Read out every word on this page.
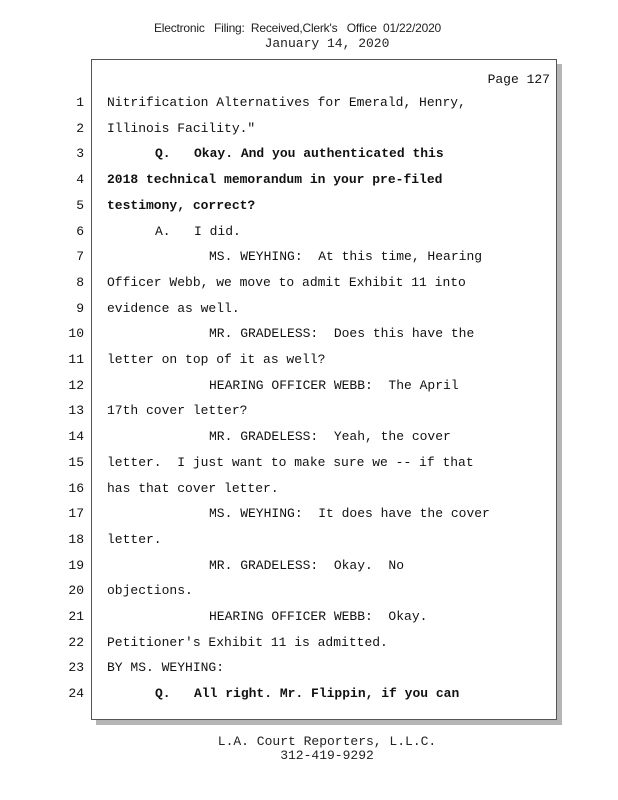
Electronic   Filing:  Received,Clerk's   Office  01/22/2020
January 14, 2020
Page 127
1 Nitrification Alternatives for Emerald, Henry,
2 Illinois Facility."
3	Q.   Okay. And you authenticated this
4 2018 technical memorandum in your pre-filed
5 testimony, correct?
6	A.   I did.
7	MS. WEYHING:  At this time, Hearing
8 Officer Webb, we move to admit Exhibit 11 into
9 evidence as well.
10	MR. GRADELESS:  Does this have the
11 letter on top of it as well?
12	HEARING OFFICER WEBB:  The April
13 17th cover letter?
14	MR. GRADELESS:  Yeah, the cover
15 letter.  I just want to make sure we -- if that
16 has that cover letter.
17	MS. WEYHING:  It does have the cover
18 letter.
19	MR. GRADELESS:  Okay.  No
20 objections.
21	HEARING OFFICER WEBB:  Okay.
22 Petitioner's Exhibit 11 is admitted.
23 BY MS. WEYHING:
24	Q.   All right. Mr. Flippin, if you can
L.A. Court Reporters, L.L.C.
312-419-9292
